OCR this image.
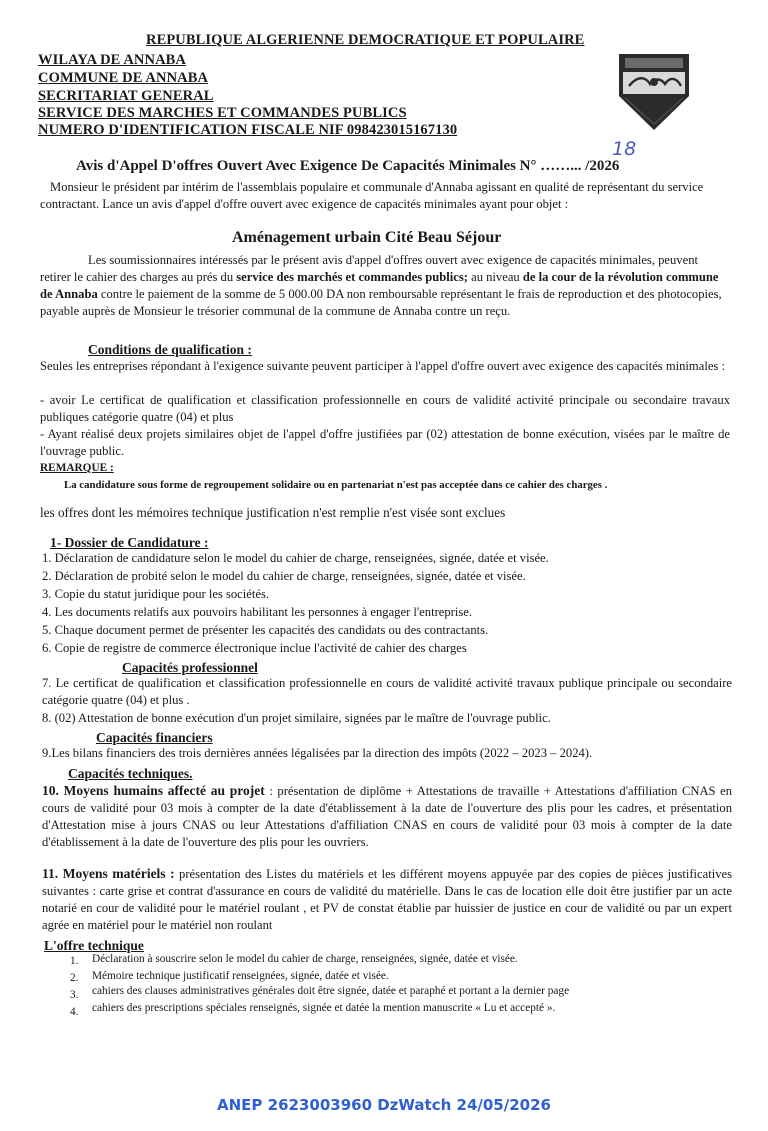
REPUBLIQUE ALGERIENNE DEMOCRATIQUE ET POPULAIRE
WILAYA DE ANNABA
COMMUNE DE ANNABA
SECRITARIAT GENERAL
SERVICE DES MARCHES ET COMMANDES PUBLICS
NUMERO D'IDENTIFICATION FISCALE NIF 098423015167130
Avis d'Appel D'offres Ouvert Avec Exigence De Capacités Minimales N° ……... /2026
18
Monsieur le président par intérim de l'assemblais populaire et communale d'Annaba agissant en qualité de représentant du service contractant. Lance un avis d'appel d'offre ouvert avec exigence de capacités minimales ayant pour objet :
Aménagement urbain Cité Beau Séjour
Les soumissionnaires intéressés par le présent avis d'appel d'offres ouvert avec exigence de capacités minimales, peuvent retirer le cahier des charges au prés du service des marchés et commandes publics; au niveau de la cour de la révolution commune de Annaba contre le paiement de la somme de 5 000.00 DA non remboursable représentant le frais de reproduction et des photocopies, payable auprès de Monsieur le trésorier communal de la commune de Annaba contre un reçu.
Conditions de qualification :
Seules les entreprises répondant à l'exigence suivante peuvent participer à l'appel d'offre ouvert avec exigence des capacités minimales :
- avoir Le certificat de qualification et classification professionnelle en cours de validité activité principale ou secondaire travaux publiques catégorie quatre (04) et plus
- Ayant réalisé deux projets similaires objet de l'appel d'offre justifiées par (02) attestation de bonne exécution, visées par le maître de l'ouvrage public.
REMARQUE :
La candidature sous forme de regroupement solidaire ou en partenariat n'est pas acceptée dans ce cahier des charges .
les offres dont les mémoires technique justification n'est remplie n'est visée sont exclues
1- Dossier de Candidature :
1. Déclaration de candidature selon le model du cahier de charge, renseignées, signée, datée et visée.
2. Déclaration de probité selon le model du cahier de charge, renseignées, signée, datée et visée.
3. Copie du statut juridique pour les sociétés.
4. Les documents relatifs aux pouvoirs habilitant les personnes à engager l'entreprise.
5. Chaque document permet de présenter les capacités des candidats ou des contractants.
6. Copie de registre de commerce électronique inclue l'activité de cahier des charges
Capacités professionnel
7. Le certificat de qualification et classification professionnelle en cours de validité activité travaux publique principale ou secondaire catégorie quatre (04) et plus .
8. (02) Attestation de bonne exécution d'un projet similaire, signées par le maître de l'ouvrage public.
Capacités financiers
9.Les bilans financiers des trois dernières années légalisées par la direction des impôts (2022 – 2023 – 2024).
Capacités techniques.
10. Moyens humains affecté au projet : présentation de diplôme + Attestations de travaille + Attestations d'affiliation CNAS en cours de validité pour 03 mois à compter de la date d'établissement à la date de l'ouverture des plis pour les cadres, et présentation d'Attestation mise à jours CNAS ou leur Attestations d'affiliation CNAS en cours de validité pour 03 mois à compter de la date d'établissement à la date de l'ouverture des plis pour les ouvriers.
11. Moyens matériels : présentation des Listes du matériels et les différent moyens appuyée par des copies de pièces justificatives suivantes : carte grise et contrat d'assurance en cours de validité du matérielle. Dans le cas de location elle doit être justifier par un acte notarié en cour de validité pour le matériel roulant , et PV de constat établie par huissier de justice en cour de validité ou par un expert agrée en matériel pour le matériel non roulant
L'offre technique
1. Déclaration à souscrire selon le model du cahier de charge, renseignées, signée, datée et visée.
2. Mémoire technique justificatif renseignées, signée, datée et visée.
3. cahiers des clauses administratives générales doit être signée, datée et paraphé et portant a la dernier page
4. cahiers des prescriptions spéciales renseignés, signée et datée la mention manuscrite « Lu et accepté ».
ANEP 2623003960 DzWatch 24/05/2026
